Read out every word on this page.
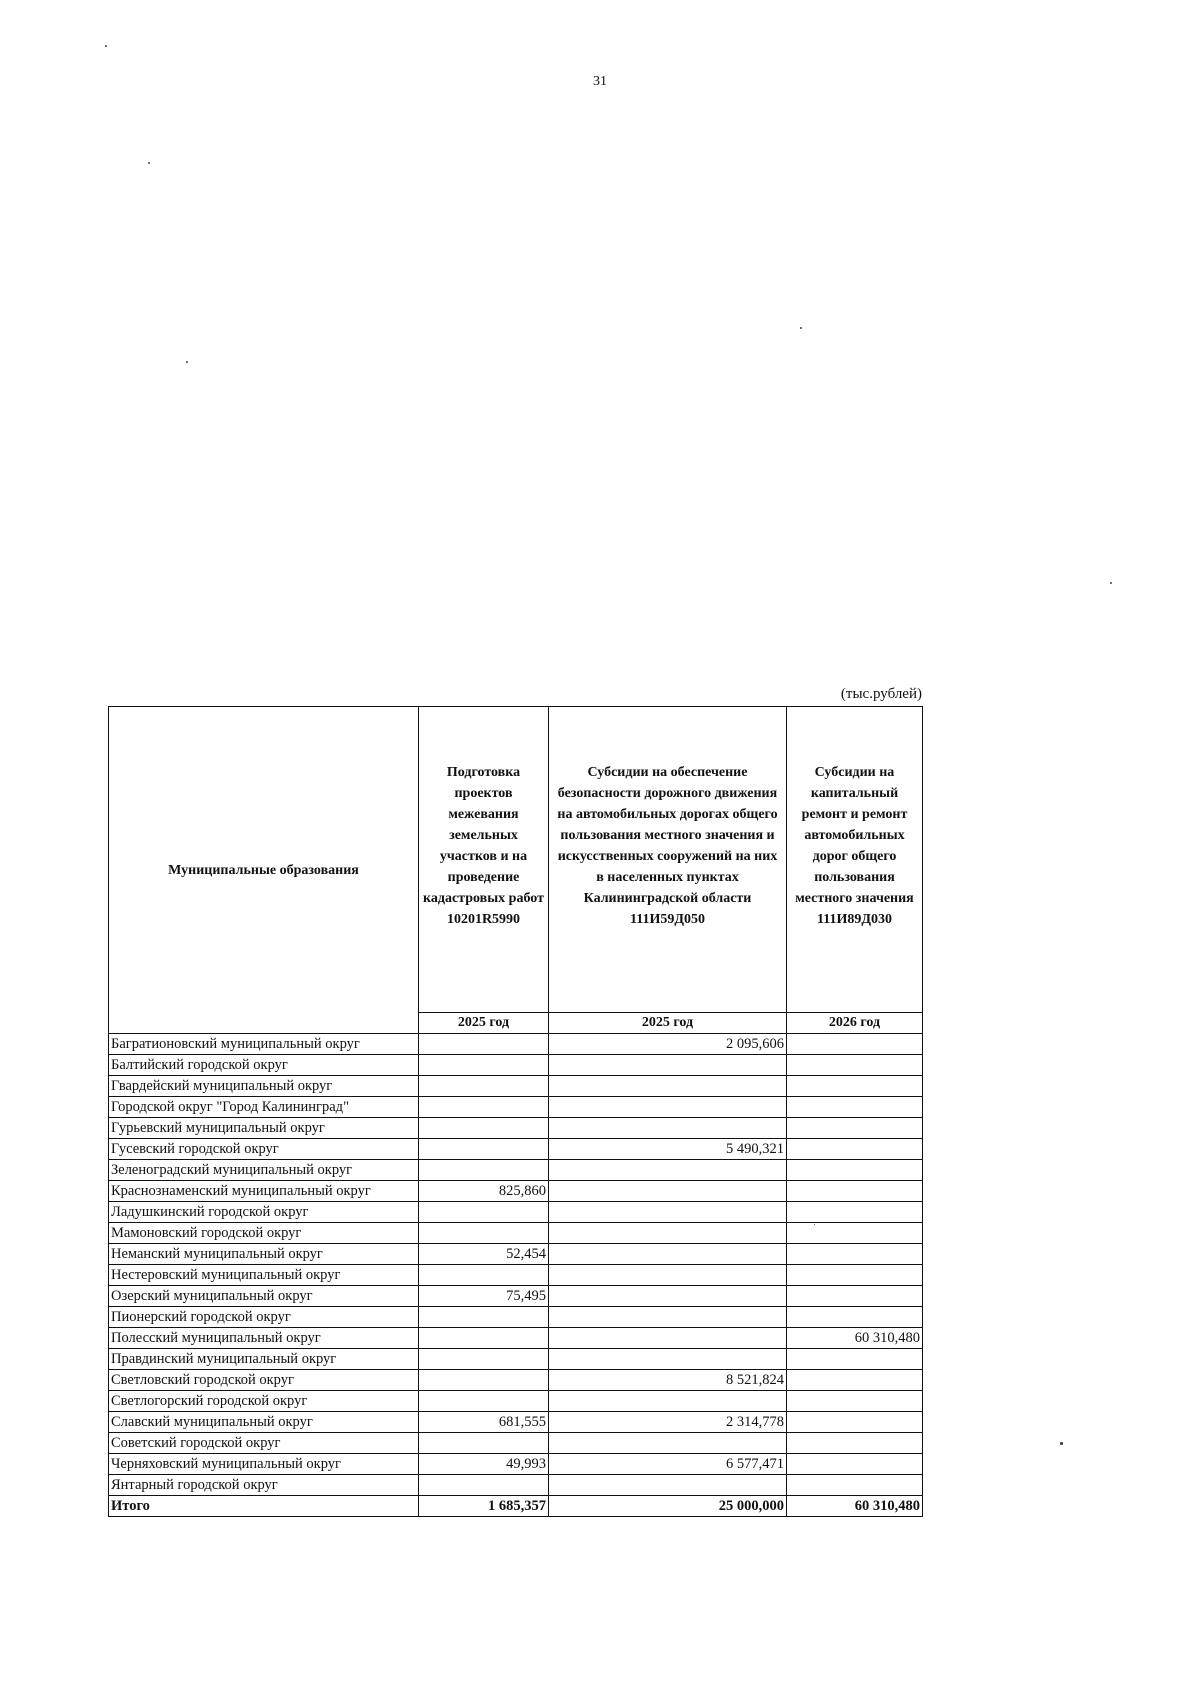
31
(тыс.рублей)
Муниципальные образования	Подготовка проектов межевания земельных участков и на проведение кадастровых работ 10201R5990	Субсидии на обеспечение безопасности дорожного движения на автомобильных дорогах общего пользования местного значения и искусственных сооружений на них в населенных пунктах Калининградской области 111И59Д050	Субсидии на капитальный ремонт и ремонт автомобильных дорог общего пользования местного значения 111И89Д030

	2025 год	2025 год	2026 год
Багратионовский муниципальный округ		2 095,606	
Балтийский городской округ			
Гвардейский муниципальный округ			
Городской округ "Город Калининград"			
Гурьевский муниципальный округ			
Гусевский городской округ		5 490,321	
Зеленоградский муниципальный округ			
Краснознаменский муниципальный округ	825,860		
Ладушкинский городской округ			
Мамоновский городской округ			
Неманский муниципальный округ	52,454		
Нестеровский муниципальный округ			
Озерский муниципальный округ	75,495		
Пионерский городской округ			
Полесский муниципальный округ			60 310,480
Правдинский муниципальный округ			
Светловский городской округ		8 521,824	
Светлогорский городской округ			
Славский муниципальный округ	681,555	2 314,778	
Советский городской округ			
Черняховский муниципальный округ	49,993	6 577,471	
Янтарный городской округ			
Итого	1 685,357	25 000,000	60 310,480
